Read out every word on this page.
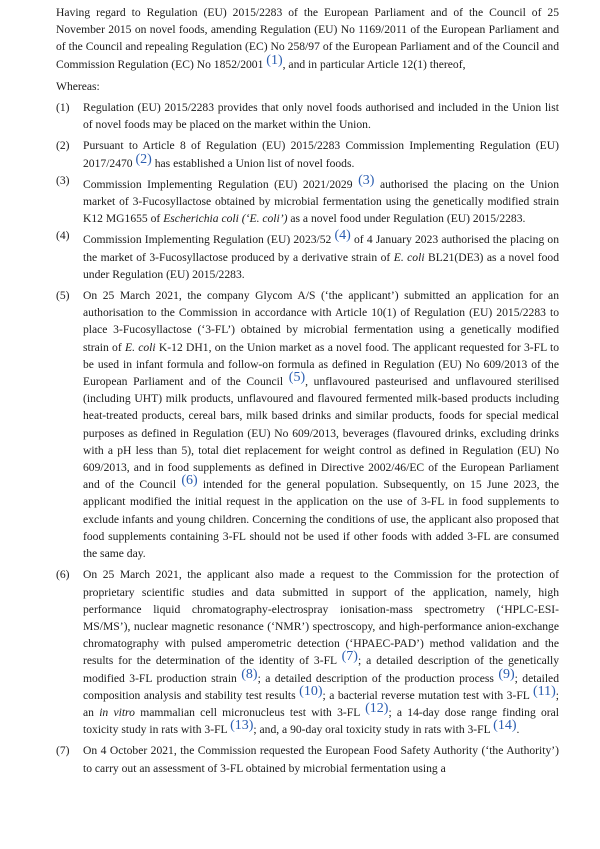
Having regard to Regulation (EU) 2015/2283 of the European Parliament and of the Council of 25 November 2015 on novel foods, amending Regulation (EU) No 1169/2011 of the European Parliament and of the Council and repealing Regulation (EC) No 258/97 of the European Parliament and of the Council and Commission Regulation (EC) No 1852/2001 (1), and in particular Article 12(1) thereof,

Whereas:

(1) Regulation (EU) 2015/2283 provides that only novel foods authorised and included in the Union list of novel foods may be placed on the market within the Union.
(2) Pursuant to Article 8 of Regulation (EU) 2015/2283 Commission Implementing Regulation (EU) 2017/2470 (2) has established a Union list of novel foods.
(3) Commission Implementing Regulation (EU) 2021/2029 (3) authorised the placing on the Union market of 3-Fucosyllactose obtained by microbial fermentation using the genetically modified strain K12 MG1655 of Escherichia coli (‘E. coli’) as a novel food under Regulation (EU) 2015/2283.
(4) Commission Implementing Regulation (EU) 2023/52 (4) of 4 January 2023 authorised the placing on the market of 3-Fucosyllactose produced by a derivative strain of E. coli BL21(DE3) as a novel food under Regulation (EU) 2015/2283.
(5) On 25 March 2021, the company Glycom A/S (‘the applicant’) submitted an application for an authorisation to the Commission in accordance with Article 10(1) of Regulation (EU) 2015/2283 to place 3-Fucosyllactose (‘3-FL’) obtained by microbial fermentation using a genetically modified strain of E. coli K-12 DH1, on the Union market as a novel food. The applicant requested for 3-FL to be used in infant formula and follow-on formula as defined in Regulation (EU) No 609/2013 of the European Parliament and of the Council (5), unflavoured pasteurised and unflavoured sterilised (including UHT) milk products, unflavoured and flavoured fermented milk-based products including heat-treated products, cereal bars, milk based drinks and similar products, foods for special medical purposes as defined in Regulation (EU) No 609/2013, beverages (flavoured drinks, excluding drinks with a pH less than 5), total diet replacement for weight control as defined in Regulation (EU) No 609/2013, and in food supplements as defined in Directive 2002/46/EC of the European Parliament and of the Council (6) intended for the general population. Subsequently, on 15 June 2023, the applicant modified the initial request in the application on the use of 3-FL in food supplements to exclude infants and young children. Concerning the conditions of use, the applicant also proposed that food supplements containing 3-FL should not be used if other foods with added 3-FL are consumed the same day.
(6) On 25 March 2021, the applicant also made a request to the Commission for the protection of proprietary scientific studies and data submitted in support of the application, namely, high performance liquid chromatography-electrospray ionisation-mass spectrometry (‘HPLC-ESI-MS/MS’), nuclear magnetic resonance (‘NMR’) spectroscopy, and high-performance anion-exchange chromatography with pulsed amperometric detection (‘HPAEC-PAD’) method validation and the results for the determination of the identity of 3-FL (7); a detailed description of the genetically modified 3-FL production strain (8); a detailed description of the production process (9); detailed composition analysis and stability test results (10); a bacterial reverse mutation test with 3-FL (11); an in vitro mammalian cell micronucleus test with 3-FL (12); a 14-day dose range finding oral toxicity study in rats with 3-FL (13); and, a 90-day oral toxicity study in rats with 3-FL (14).
(7) On 4 October 2021, the Commission requested the European Food Safety Authority (‘the Authority’) to carry out an assessment of 3-FL obtained by microbial fermentation using a
